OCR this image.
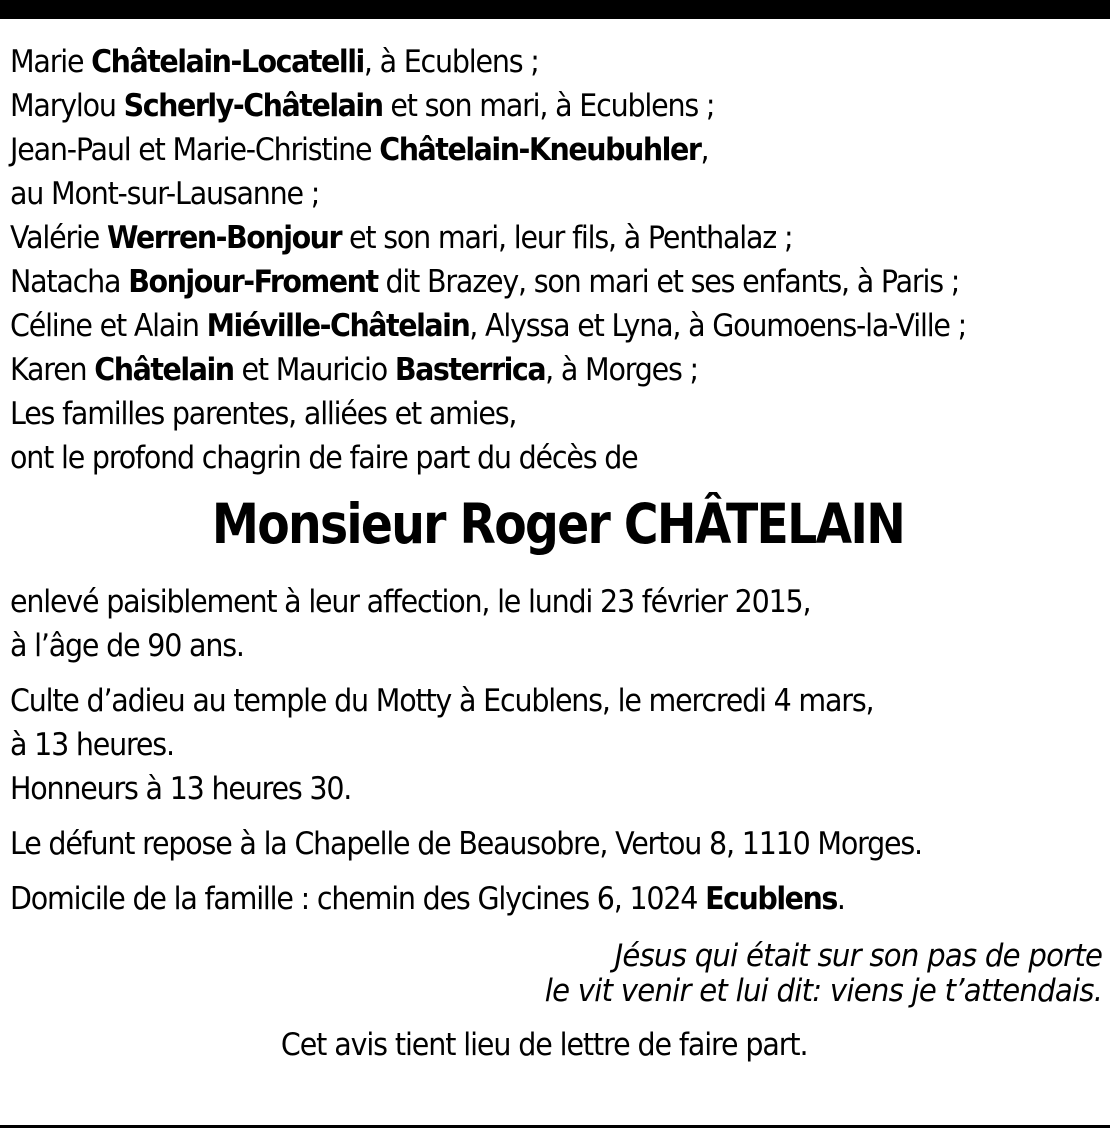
Marie Châtelain-Locatelli, à Ecublens ;
Marylou Scherly-Châtelain et son mari, à Ecublens ;
Jean-Paul et Marie-Christine Châtelain-Kneubuhler,
au Mont-sur-Lausanne ;
Valérie Werren-Bonjour et son mari, leur fils, à Penthalaz ;
Natacha Bonjour-Froment dit Brazey, son mari et ses enfants, à Paris ;
Céline et Alain Miéville-Châtelain, Alyssa et Lyna, à Goumoens-la-Ville ;
Karen Châtelain et Mauricio Basterrica, à Morges ;
Les familles parentes, alliées et amies,
ont le profond chagrin de faire part du décès de
Monsieur Roger CHÂTELAIN
enlevé paisiblement à leur affection, le lundi 23 février 2015,
à l’âge de 90 ans.
Culte d’adieu au temple du Motty à Ecublens, le mercredi 4 mars,
à 13 heures.
Honneurs à 13 heures 30.
Le défunt repose à la Chapelle de Beausobre, Vertou 8, 1110 Morges.
Domicile de la famille : chemin des Glycines 6, 1024 Ecublens.
Jésus qui était sur son pas de porte
le vit venir et lui dit: viens je t’attendais.
Cet avis tient lieu de lettre de faire part.
